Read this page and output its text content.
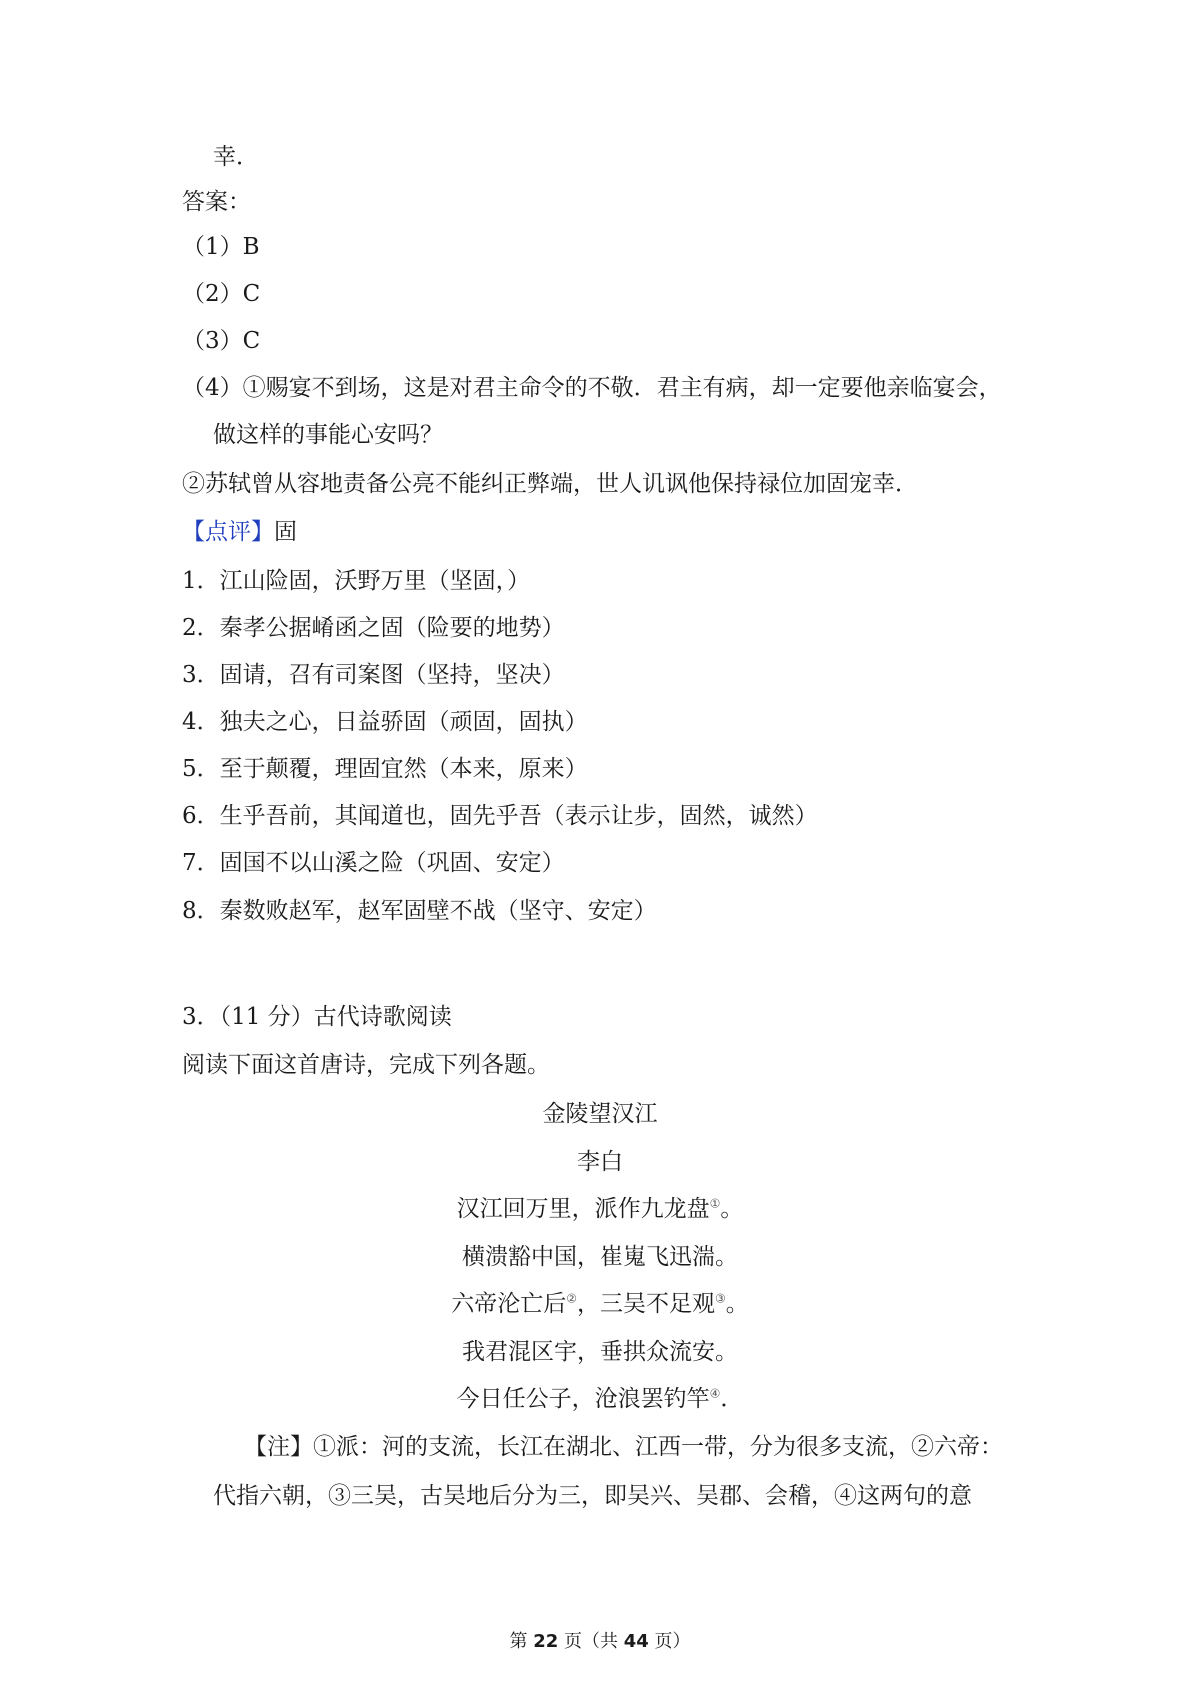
幸．
答案：
（1）B
（2）C
（3）C
（4）①赐宴不到场，这是对君主命令的不敬．君主有病，却一定要他亲临宴会，
做这样的事能心安吗？
②苏轼曾从容地责备公亮不能纠正弊端，世人讥讽他保持禄位加固宠幸．
【点评】固
1．江山险固，沃野万里（坚固，）
2．秦孝公据崤函之固（险要的地势）
3．固请，召有司案图（坚持，坚决）
4．独夫之心，日益骄固（顽固，固执）
5．至于颠覆，理固宜然（本来，原来）
6．生乎吾前，其闻道也，固先乎吾（表示让步，固然，诚然）
7．固国不以山溪之险（巩固、安定）
8．秦数败赵军，赵军固壁不战（坚守、安定）
3．（11 分）古代诗歌阅读
阅读下面这首唐诗，完成下列各题。
金陵望汉江
李白
汉江回万里，派作九龙盘①。
横溃豁中国，崔嵬飞迅湍。
六帝沦亡后②，三吴不足观③。
我君混区宇，垂拱众流安。
今日任公子，沧浪罢钓竿④．
【注】①派：河的支流，长江在湖北、江西一带，分为很多支流，②六帝：
代指六朝，③三吴，古吴地后分为三，即吴兴、吴郡、会稽，④这两句的意
第 22 页（共 44 页）
